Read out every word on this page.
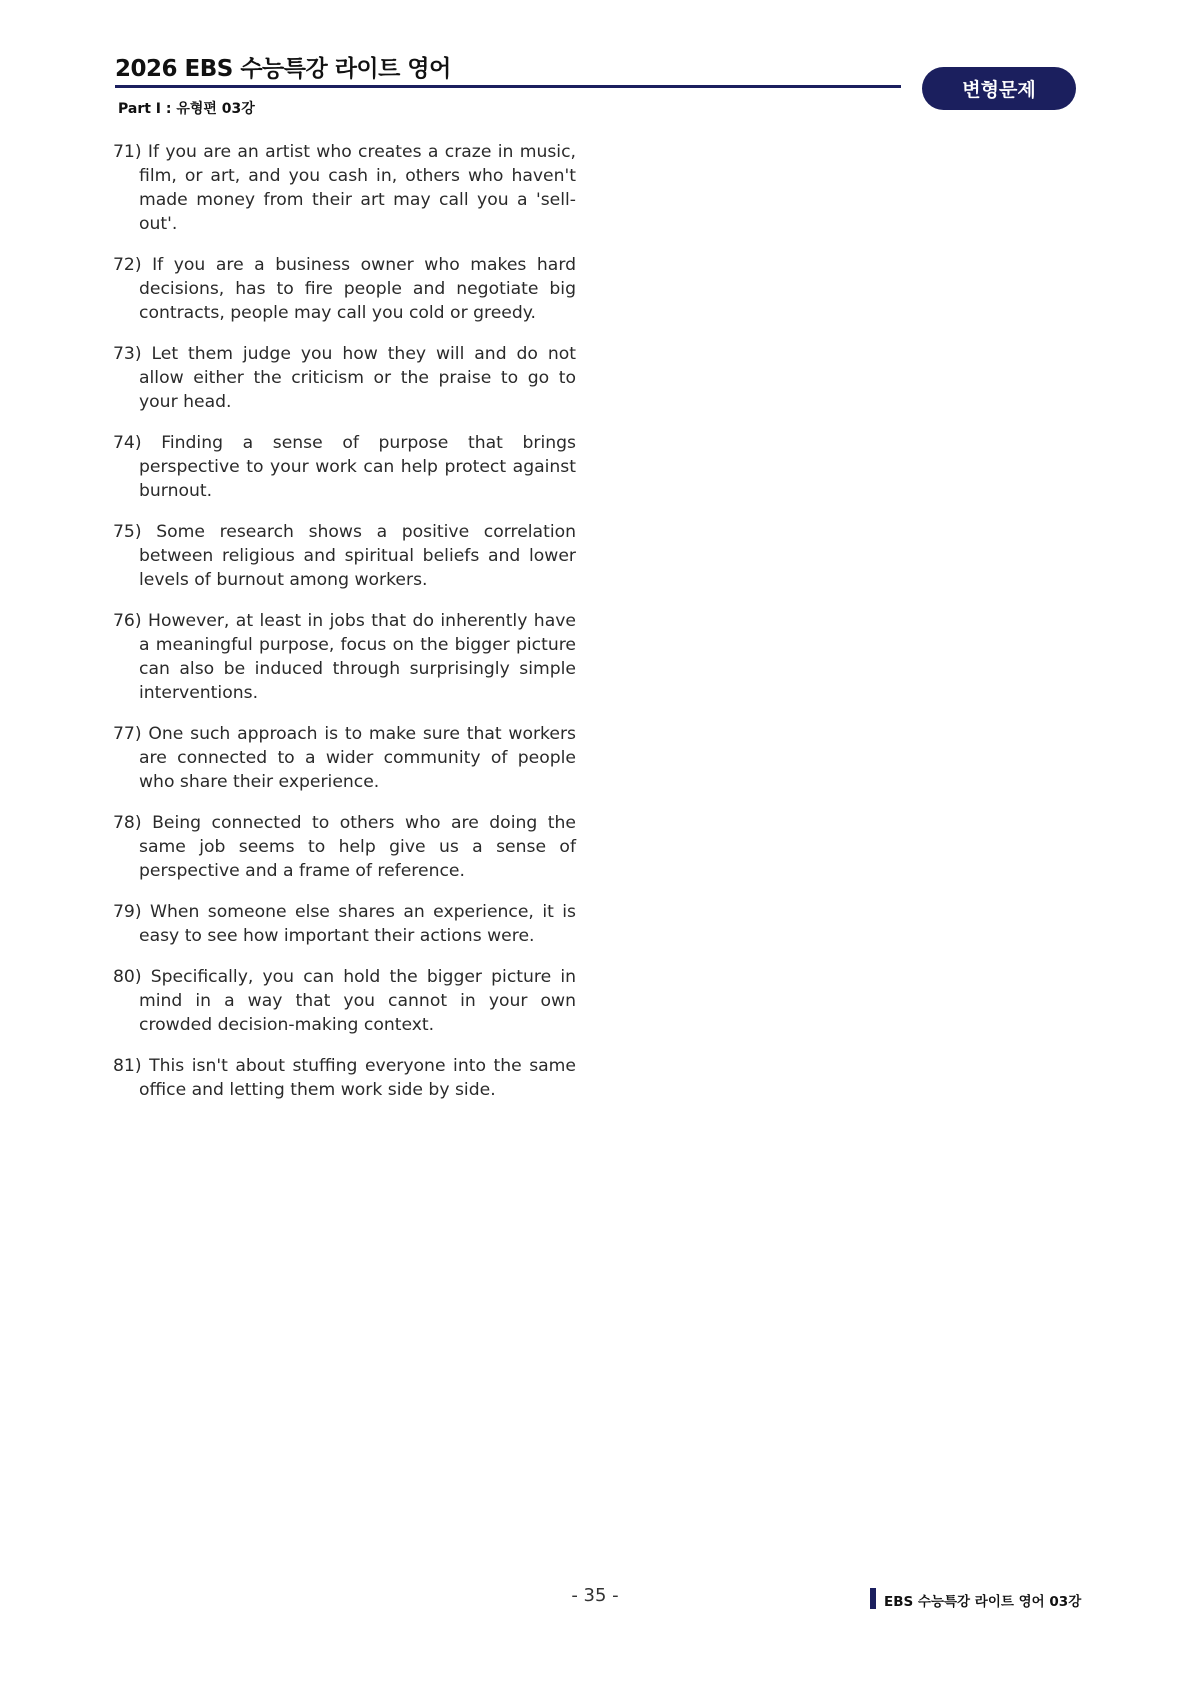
2026 EBS 수능특강 라이트 영어
Part Ⅰ : 유형편 03강
변형문제
71) If you are an artist who creates a craze in music, film, or art, and you cash in, others who haven't made money from their art may call you a 'sell-out'.
72) If you are a business owner who makes hard decisions, has to fire people and negotiate big contracts, people may call you cold or greedy.
73) Let them judge you how they will and do not allow either the criticism or the praise to go to your head.
74) Finding a sense of purpose that brings perspective to your work can help protect against burnout.
75) Some research shows a positive correlation between religious and spiritual beliefs and lower levels of burnout among workers.
76) However, at least in jobs that do inherently have a meaningful purpose, focus on the bigger picture can also be induced through surprisingly simple interventions.
77) One such approach is to make sure that workers are connected to a wider community of people who share their experience.
78) Being connected to others who are doing the same job seems to help give us a sense of perspective and a frame of reference.
79) When someone else shares an experience, it is easy to see how important their actions were.
80) Specifically, you can hold the bigger picture in mind in a way that you cannot in your own crowded decision-making context.
81) This isn't about stuffing everyone into the same office and letting them work side by side.
- 35 -	EBS 수능특강 라이트 영어 03강
